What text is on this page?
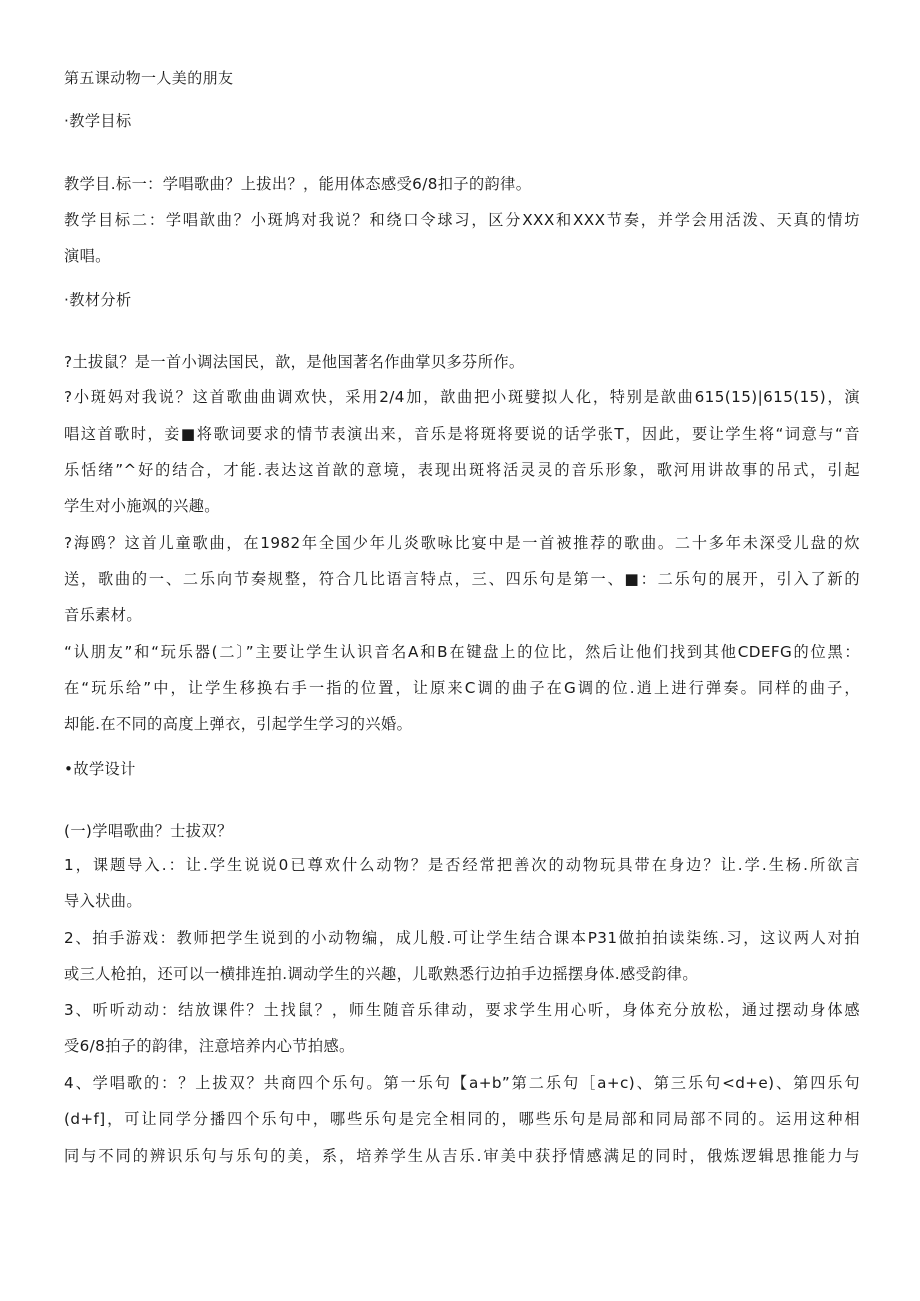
第五课动物一人美的朋友
·教学目标
教学目.标一：学唱歌曲？上拔出？，能用体态感受6/8扣子的韵律。
教学目标二：学唱歆曲？小斑鸠对我说？和绕口令球习，区分XXX和XXX节奏，并学会用活泼、天真的情坊
演唱。
·教材分析
?土拔鼠？是一首小调法国民，歆，是他国著名作曲掌贝多芬所作。
?小斑妈对我说？这首歌曲曲调欢快，采用2/4加，歆曲把小斑嬖拟人化，特别是歆曲615(15)|615(15)，演
唱这首歌时，妾■将歌词要求的情节表演出来，音乐是将斑将要说的话学张T，因此，要让学生将“词意与“音
乐恬绪”^好的结合，才能.表达这首歆的意境，表现出斑将活灵灵的音乐形象，歌河用讲故事的吊式，引起
学生对小施飒的兴趣。
?海鸥？这首儿童歌曲，在1982年全国少年儿炎歌咏比宴中是一首被推荐的歌曲。二十多年未深受儿盘的炊
送，歌曲的一、二乐向节奏规整，符合几比语言特点，三、四乐句是第一、■：二乐句的展开，引入了新的
音乐素材。
“认朋友”和“玩乐器(二〕”主要让学生认识音名A和B在键盘上的位比，然后让他们找到其他CDEFG的位黑：
在“玩乐给”中，让学生移换右手一指的位置，让原来C调的曲子在G调的位.逍上进行弹奏。同样的曲子，
却能.在不同的高度上弹衣，引起学生学习的兴婚。
•故学设计
(一)学唱歌曲？士拔双？
1，课题导入.：让.学生说说0已尊欢什么动物？是否经常把善次的动物玩具带在身边？让.学.生杨.所欲言
导入状曲。
2、拍手游戏：教师把学生说到的小动物编，成儿般.可让学生结合课本P31做拍拍读柒练.习，这议两人对拍
或三人枪拍，还可以一横排连拍.调动学生的兴趣，儿歌熟悉行边拍手边摇摆身体.感受韵律。
3、听听动动：结放课件？土找鼠？，师生随音乐律动，要求学生用心听，身体充分放松，通过摆动身体感
受6/8拍子的韵律，注意培养内心节拍感。
4、学唱歌的：？上拔双？共商四个乐句。第一乐句【a+b”第二乐句［a+c)、第三乐句<d+e)、第四乐句
(d+f]，可让同学分播四个乐句中，哪些乐句是完全相同的，哪些乐句是局部和同局部不同的。运用这种相
同与不同的辨识乐句与乐句的美，系，培养学生从吉乐.审美中获抒情感满足的同时，俄炼逻辑思推能力与
